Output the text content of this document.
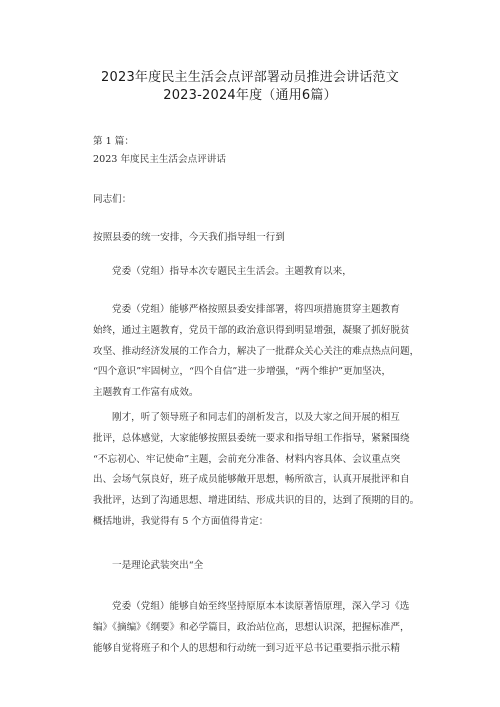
2023年度民主生活会点评部署动员推进会讲话范文
2023-2024年度（通用6篇）
第 1 篇：
2023 年度民主生活会点评讲话
同志们：

按照县委的统一安排，今天我们指导组一行到

党委（党组）指导本次专题民主生活会。主题教育以来，

党委（党组）能够严格按照县委安排部署，将四项措施贯穿主题教育
始终，通过主题教育，党员干部的政治意识得到明显增强，凝聚了抓好脱贫
攻坚、推动经济发展的工作合力，解决了一批群众关心关注的难点热点问题，
“四个意识”牢固树立，“四个自信”进一步增强，“两个维护”更加坚决，
主题教育工作富有成效。

刚才，听了领导班子和同志们的剖析发言，以及大家之间开展的相互
批评，总体感觉，大家能够按照县委统一要求和指导组工作指导，紧紧围绕
“不忘初心、牢记使命”主题，会前充分准备、材料内容具体、会议重点突
出、会场气氛良好，班子成员能够敞开思想，畅所欲言，认真开展批评和自
我批评，达到了沟通思想、增进团结、形成共识的目的，达到了预期的目的。
概括地讲，我觉得有 5 个方面值得肯定：

一是理论武装突出“全

党委（党组）能够自始至终坚持原原本本读原著悟原理，深入学习《选
编》《摘编》《纲要》和必学篇目，政治站位高，思想认识深，把握标准严，
能够自觉将班子和个人的思想和行动统一到习近平总书记重要指示批示精
